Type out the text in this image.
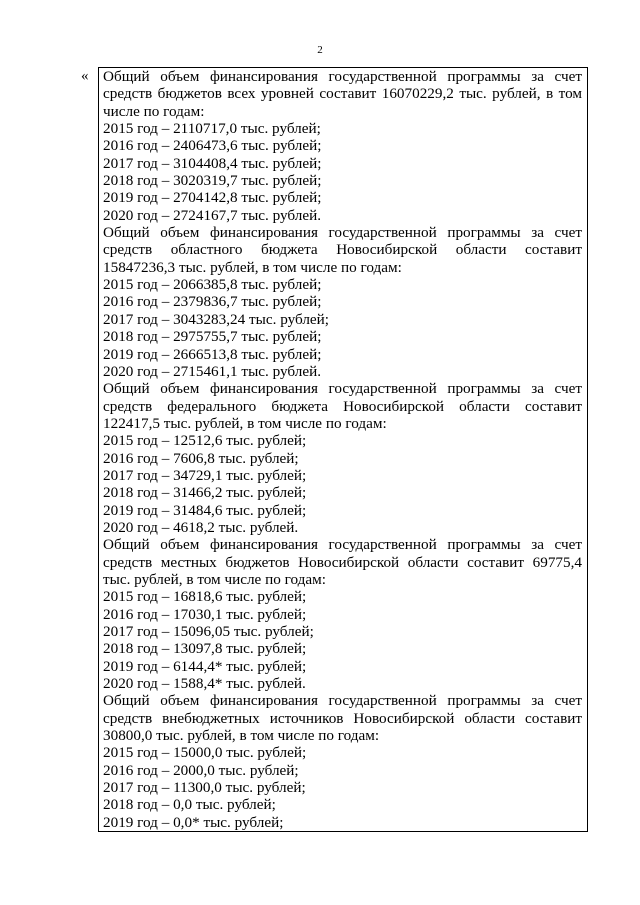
2
« Общий объем финансирования государственной программы за счет средств бюджетов всех уровней составит 16070229,2 тыс. рублей, в том числе по годам:

2015 год – 2110717,0 тыс. рублей;

2016 год – 2406473,6 тыс. рублей;

2017 год – 3104408,4 тыс. рублей;

2018 год – 3020319,7 тыс. рублей;

2019 год – 2704142,8 тыс. рублей;

2020 год – 2724167,7 тыс. рублей.

Общий объем финансирования государственной программы за счет средств областного бюджета Новосибирской области составит 15847236,3 тыс. рублей, в том числе по годам:

2015 год – 2066385,8 тыс. рублей;

2016 год – 2379836,7 тыс. рублей;

2017 год – 3043283,24 тыс. рублей;

2018 год – 2975755,7 тыс. рублей;

2019 год – 2666513,8 тыс. рублей;

2020 год – 2715461,1 тыс. рублей.

Общий объем финансирования государственной программы за счет средств федерального бюджета Новосибирской области составит 122417,5 тыс. рублей, в том числе по годам:

2015 год – 12512,6 тыс. рублей;

2016 год – 7606,8 тыс. рублей;

2017 год – 34729,1 тыс. рублей;

2018 год – 31466,2 тыс. рублей;

2019 год – 31484,6 тыс. рублей;

2020 год – 4618,2 тыс. рублей.

Общий объем финансирования государственной программы за счет средств местных бюджетов Новосибирской области составит 69775,4 тыс. рублей, в том числе по годам:

2015 год – 16818,6 тыс. рублей;

2016 год – 17030,1 тыс. рублей;

2017 год – 15096,05 тыс. рублей;

2018 год – 13097,8 тыс. рублей;

2019 год – 6144,4* тыс. рублей;

2020 год – 1588,4* тыс. рублей.

Общий объем финансирования государственной программы за счет средств внебюджетных источников Новосибирской области составит 30800,0 тыс. рублей, в том числе по годам:

2015 год – 15000,0 тыс. рублей;

2016 год – 2000,0 тыс. рублей;

2017 год – 11300,0 тыс. рублей;

2018 год – 0,0 тыс. рублей;

2019 год – 0,0* тыс. рублей;
